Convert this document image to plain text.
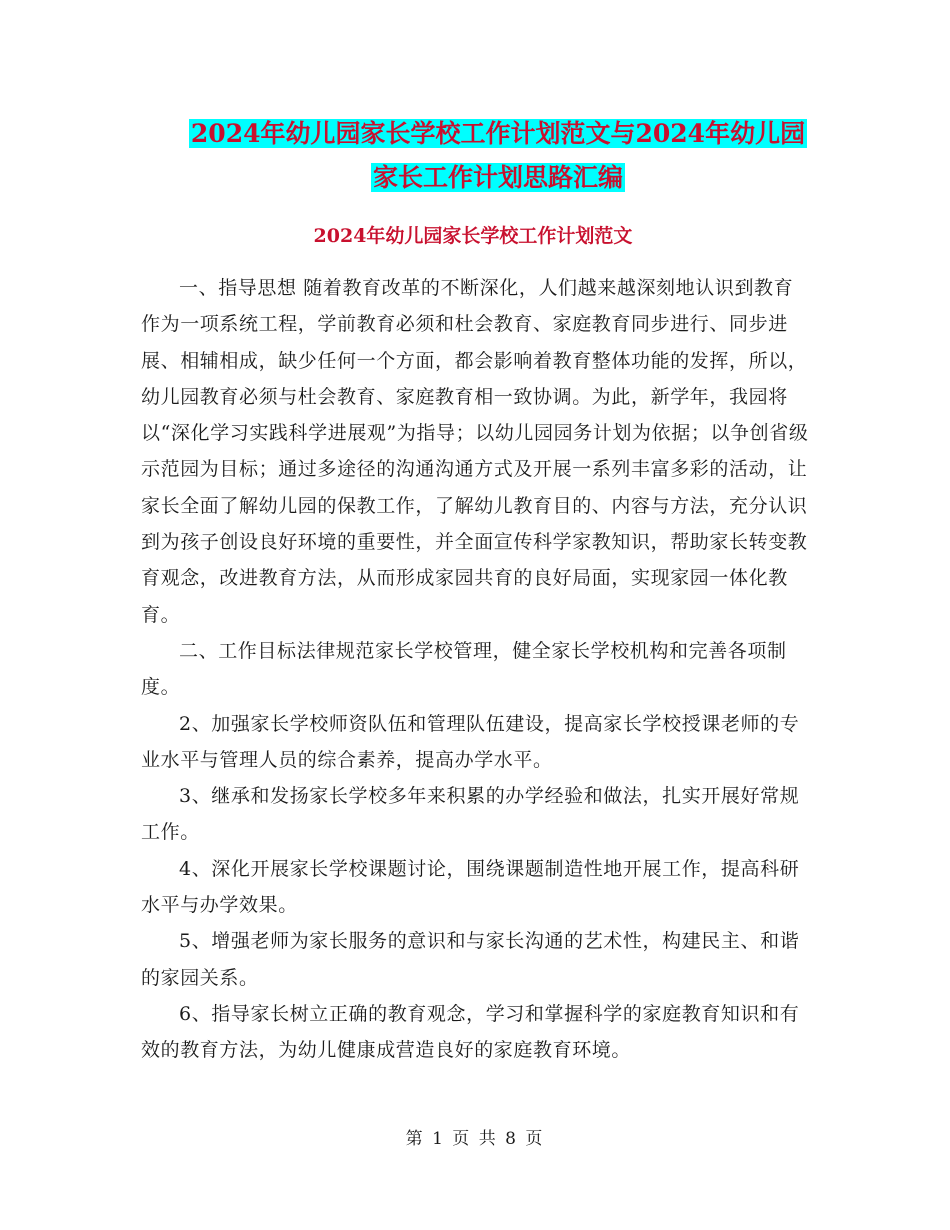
2024年幼儿园家长学校工作计划范文与2024年幼儿园
家长工作计划思路汇编
2024年幼儿园家长学校工作计划范文

一、指导思想 随着教育改革的不断深化，人们越来越深刻地认识到教育作为一项系统工程，学前教育必须和杜会教育、家庭教育同步进行、同步进展、相辅相成，缺少任何一个方面，都会影响着教育整体功能的发挥，所以，幼儿园教育必须与杜会教育、家庭教育相一致协调。为此，新学年，我园将以“深化学习实践科学进展观”为指导；以幼儿园园务计划为依据；以争创省级示范园为目标；通过多途径的沟通沟通方式及开展一系列丰富多彩的活动，让家长全面了解幼儿园的保教工作，了解幼儿教育目的、内容与方法，充分认识到为孩子创设良好环境的重要性，并全面宣传科学家教知识，帮助家长转变教育观念，改进教育方法，从而形成家园共育的良好局面，实现家园一体化教育。

二、工作目标法律规范家长学校管理，健全家长学校机构和完善各项制度。

2、加强家长学校师资队伍和管理队伍建设，提高家长学校授课老师的专业水平与管理人员的综合素养，提高办学水平。

3、继承和发扬家长学校多年来积累的办学经验和做法，扎实开展好常规工作。

4、深化开展家长学校课题讨论，围绕课题制造性地开展工作，提高科研水平与办学效果。

5、增强老师为家长服务的意识和与家长沟通的艺术性，构建民主、和谐的家园关系。

6、指导家长树立正确的教育观念，学习和掌握科学的家庭教育知识和有效的教育方法，为幼儿健康成营造良好的家庭教育环境。

第 1 页 共 8 页
